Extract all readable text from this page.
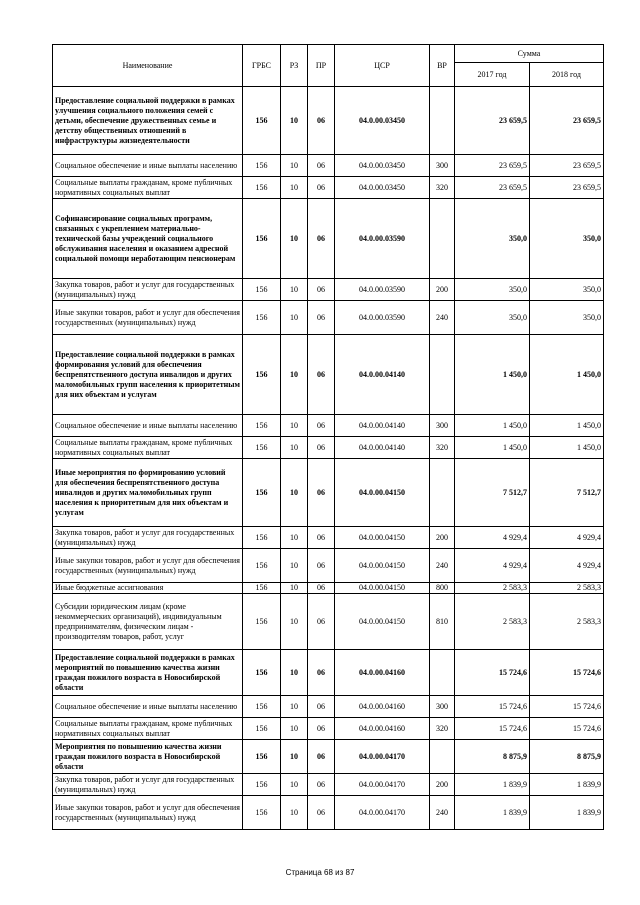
Наименование	ГРБС	РЗ	ПР	ЦСР	ВР	Сумма	
						2017 год	2018 год
Предоставление социальной поддержки в рамках улучшения социального положения семей с детьми, обеспечение дружественных семье и детству общественных отношений в инфраструктуры жизнедеятельности	156	10	06	04.0.00.03450		23 659,5	23 659,5
Социальное обеспечение и иные выплаты населению	156	10	06	04.0.00.03450	300	23 659,5	23 659,5
Социальные выплаты гражданам, кроме публичных нормативных социальных выплат	156	10	06	04.0.00.03450	320	23 659,5	23 659,5
Софинансирование социальных программ, связанных с укреплением материально-технической базы учреждений социального обслуживания населения и оказанием адресной социальной помощи неработающим пенсионерам	156	10	06	04.0.00.03590		350,0	350,0
Закупка товаров, работ и услуг для государственных (муниципальных) нужд	156	10	06	04.0.00.03590	200	350,0	350,0
Иные закупки товаров, работ и услуг для обеспечения государственных (муниципальных) нужд	156	10	06	04.0.00.03590	240	350,0	350,0
Предоставление социальной поддержки в рамках формирования условий для обеспечения беспрепятственного доступа инвалидов и других маломобильных групп населения к приоритетным для них объектам и услугам	156	10	06	04.0.00.04140		1 450,0	1 450,0
Социальное обеспечение и иные выплаты населению	156	10	06	04.0.00.04140	300	1 450,0	1 450,0
Социальные выплаты гражданам, кроме публичных нормативных социальных выплат	156	10	06	04.0.00.04140	320	1 450,0	1 450,0
Иные мероприятия по формированию условий для обеспечения беспрепятственного доступа инвалидов и других маломобильных групп населения к приоритетным для них объектам и услугам	156	10	06	04.0.00.04150		7 512,7	7 512,7
Закупка товаров, работ и услуг для государственных (муниципальных) нужд	156	10	06	04.0.00.04150	200	4 929,4	4 929,4
Иные закупки товаров, работ и услуг для обеспечения государственных (муниципальных) нужд	156	10	06	04.0.00.04150	240	4 929,4	4 929,4
Иные бюджетные ассигнования	156	10	06	04.0.00.04150	800	2 583,3	2 583,3
Субсидии юридическим лицам (кроме некоммерческих организаций), индивидуальным предпринимателям, физическим лицам - производителям товаров, работ, услуг	156	10	06	04.0.00.04150	810	2 583,3	2 583,3
Предоставление социальной поддержки в рамках мероприятий по повышению качества жизни граждан пожилого возраста в Новосибирской области	156	10	06	04.0.00.04160		15 724,6	15 724,6
Социальное обеспечение и иные выплаты населению	156	10	06	04.0.00.04160	300	15 724,6	15 724,6
Социальные выплаты гражданам, кроме публичных нормативных социальных выплат	156	10	06	04.0.00.04160	320	15 724,6	15 724,6
Мероприятия по повышению качества жизни граждан пожилого возраста в Новосибирской области	156	10	06	04.0.00.04170		8 875,9	8 875,9
Закупка товаров, работ и услуг для государственных (муниципальных) нужд	156	10	06	04.0.00.04170	200	1 839,9	1 839,9
Иные закупки товаров, работ и услуг для обеспечения государственных (муниципальных) нужд	156	10	06	04.0.00.04170	240	1 839,9	1 839,9
Страница 68 из 87
